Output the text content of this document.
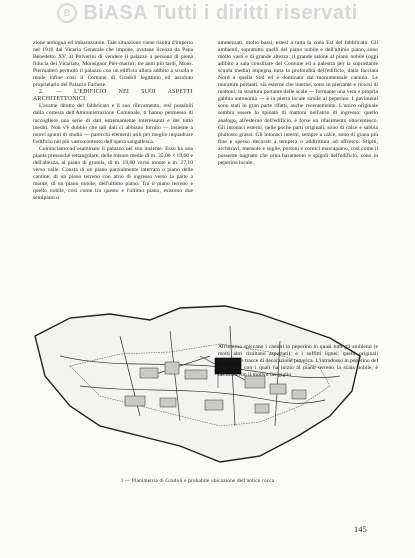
B BiASA Tutti i diritti riservati

zione ambigua ed imbarazzante. Tale situazione viene risolta d'imperio nel 1910 dal Vicario Generale che impone, avutane licenza da Papa Benedetto XV, al Polverini di vendere il palazzo a persona di piena fiducia del Vicariato, Monsignor Pier-martiri; tre anni più tardi, Mons. Piermatteri permutò il palazzo con un edificio allora adibito a scuola e rende infine così il Comune di Gradoli legittimo ed assoluto proprietario del Palazzo Farnese.

2. — L'EDIFICIO NEI SUOI ASPETTI ARCHITETTONICI.

L'esame diretto del fabbricato e il suo rilevamento, resi possibili dalla cortesia dell'Amministrazione Comunale, ti hanno permesso di raccogliere una serie di dati estremamente interessanti e del tutto inediti. Non v'è dubbio che tali dati ci abbiano fornito — insieme a nuovi spunti di studio — parecchi elementi utili per meglio inquadrare l'edificio nel più vasto contesto dell'opera sangallesca.

Cominciamo ad esaminare il palazzo nel suo insieme. Esso ha una pianta pressoché rettangolare, delle misure medie di m. 35,00 × 19,60 e dell'altezza, al piano di gronda, di m. 19,60 verso monte e m. 27,10 verso valle. Consta di un piano parzialmente interrato o piano delle cantine; di un piano terreno con atrio di ingresso verso la parte a monte; di un piano nobile; dell'ultimo piano. Tra il piano terreno e quello nobile, così come tra questo e l'ultimo piano, esistono due semipiani o

ammezzati, molto bassi, estesi a tutta la zona Est del fabbricato. Gli ambienti, sopratutto quelli del piano nobile e dell'ultimo piano, sono molto vasti e di grande altezza: il grande salone al piano nobile (oggi adibito a sala consiliare del Comune ed a palestra per la soprastante scuola media) impegna tutta la profondità dell'edificio, dalla facciata Nord a quella Sud ed è dominato dal monumentale camino. Le murature portanti, sia esterne che interne, sono in pietrame e ricorsi di mattoni; la struttura portante delle scale — formante una vera e propria gabbia autonoma — è in pietra locale simile al peperino. I pavimenti sono stati in gran parte rifatti, anche recentemente. L'unico originale sembra essere lo spinato di mattoni nell'atrio di ingresso; quello analogo, all'esterno dell'edificio, è forse un rifacimento ottocentesco. Gli intonaci esterni, nelle poche parti originali, sono di calce e sabbia piuttosto grassi. Gli intonaci interni, sempre a calce, sono di grana più fine e spesso decorati a tempera o addirittura ad affresco. Stipiti, architravi, mensole e soglie, portoni e cornici marcapiano, così come il possente bugnato che orna basamento e spigoli dell'edificio, sono in peperino locale.

All'interno spiccano i camini in peperino in quasi tutti gli ambienti (e molti altri risultano asportati); e i soffitti lignei: quelli originali conservano tracce di decorazione pittorica. L'intradosso in peperino del due archi, con i quali ha inizio al piano terreno la scala nobile, è decorato con il motivo del giglio

1 — Planimetria di Gradoli e probabile ubicazione dell'antico rocca
145
